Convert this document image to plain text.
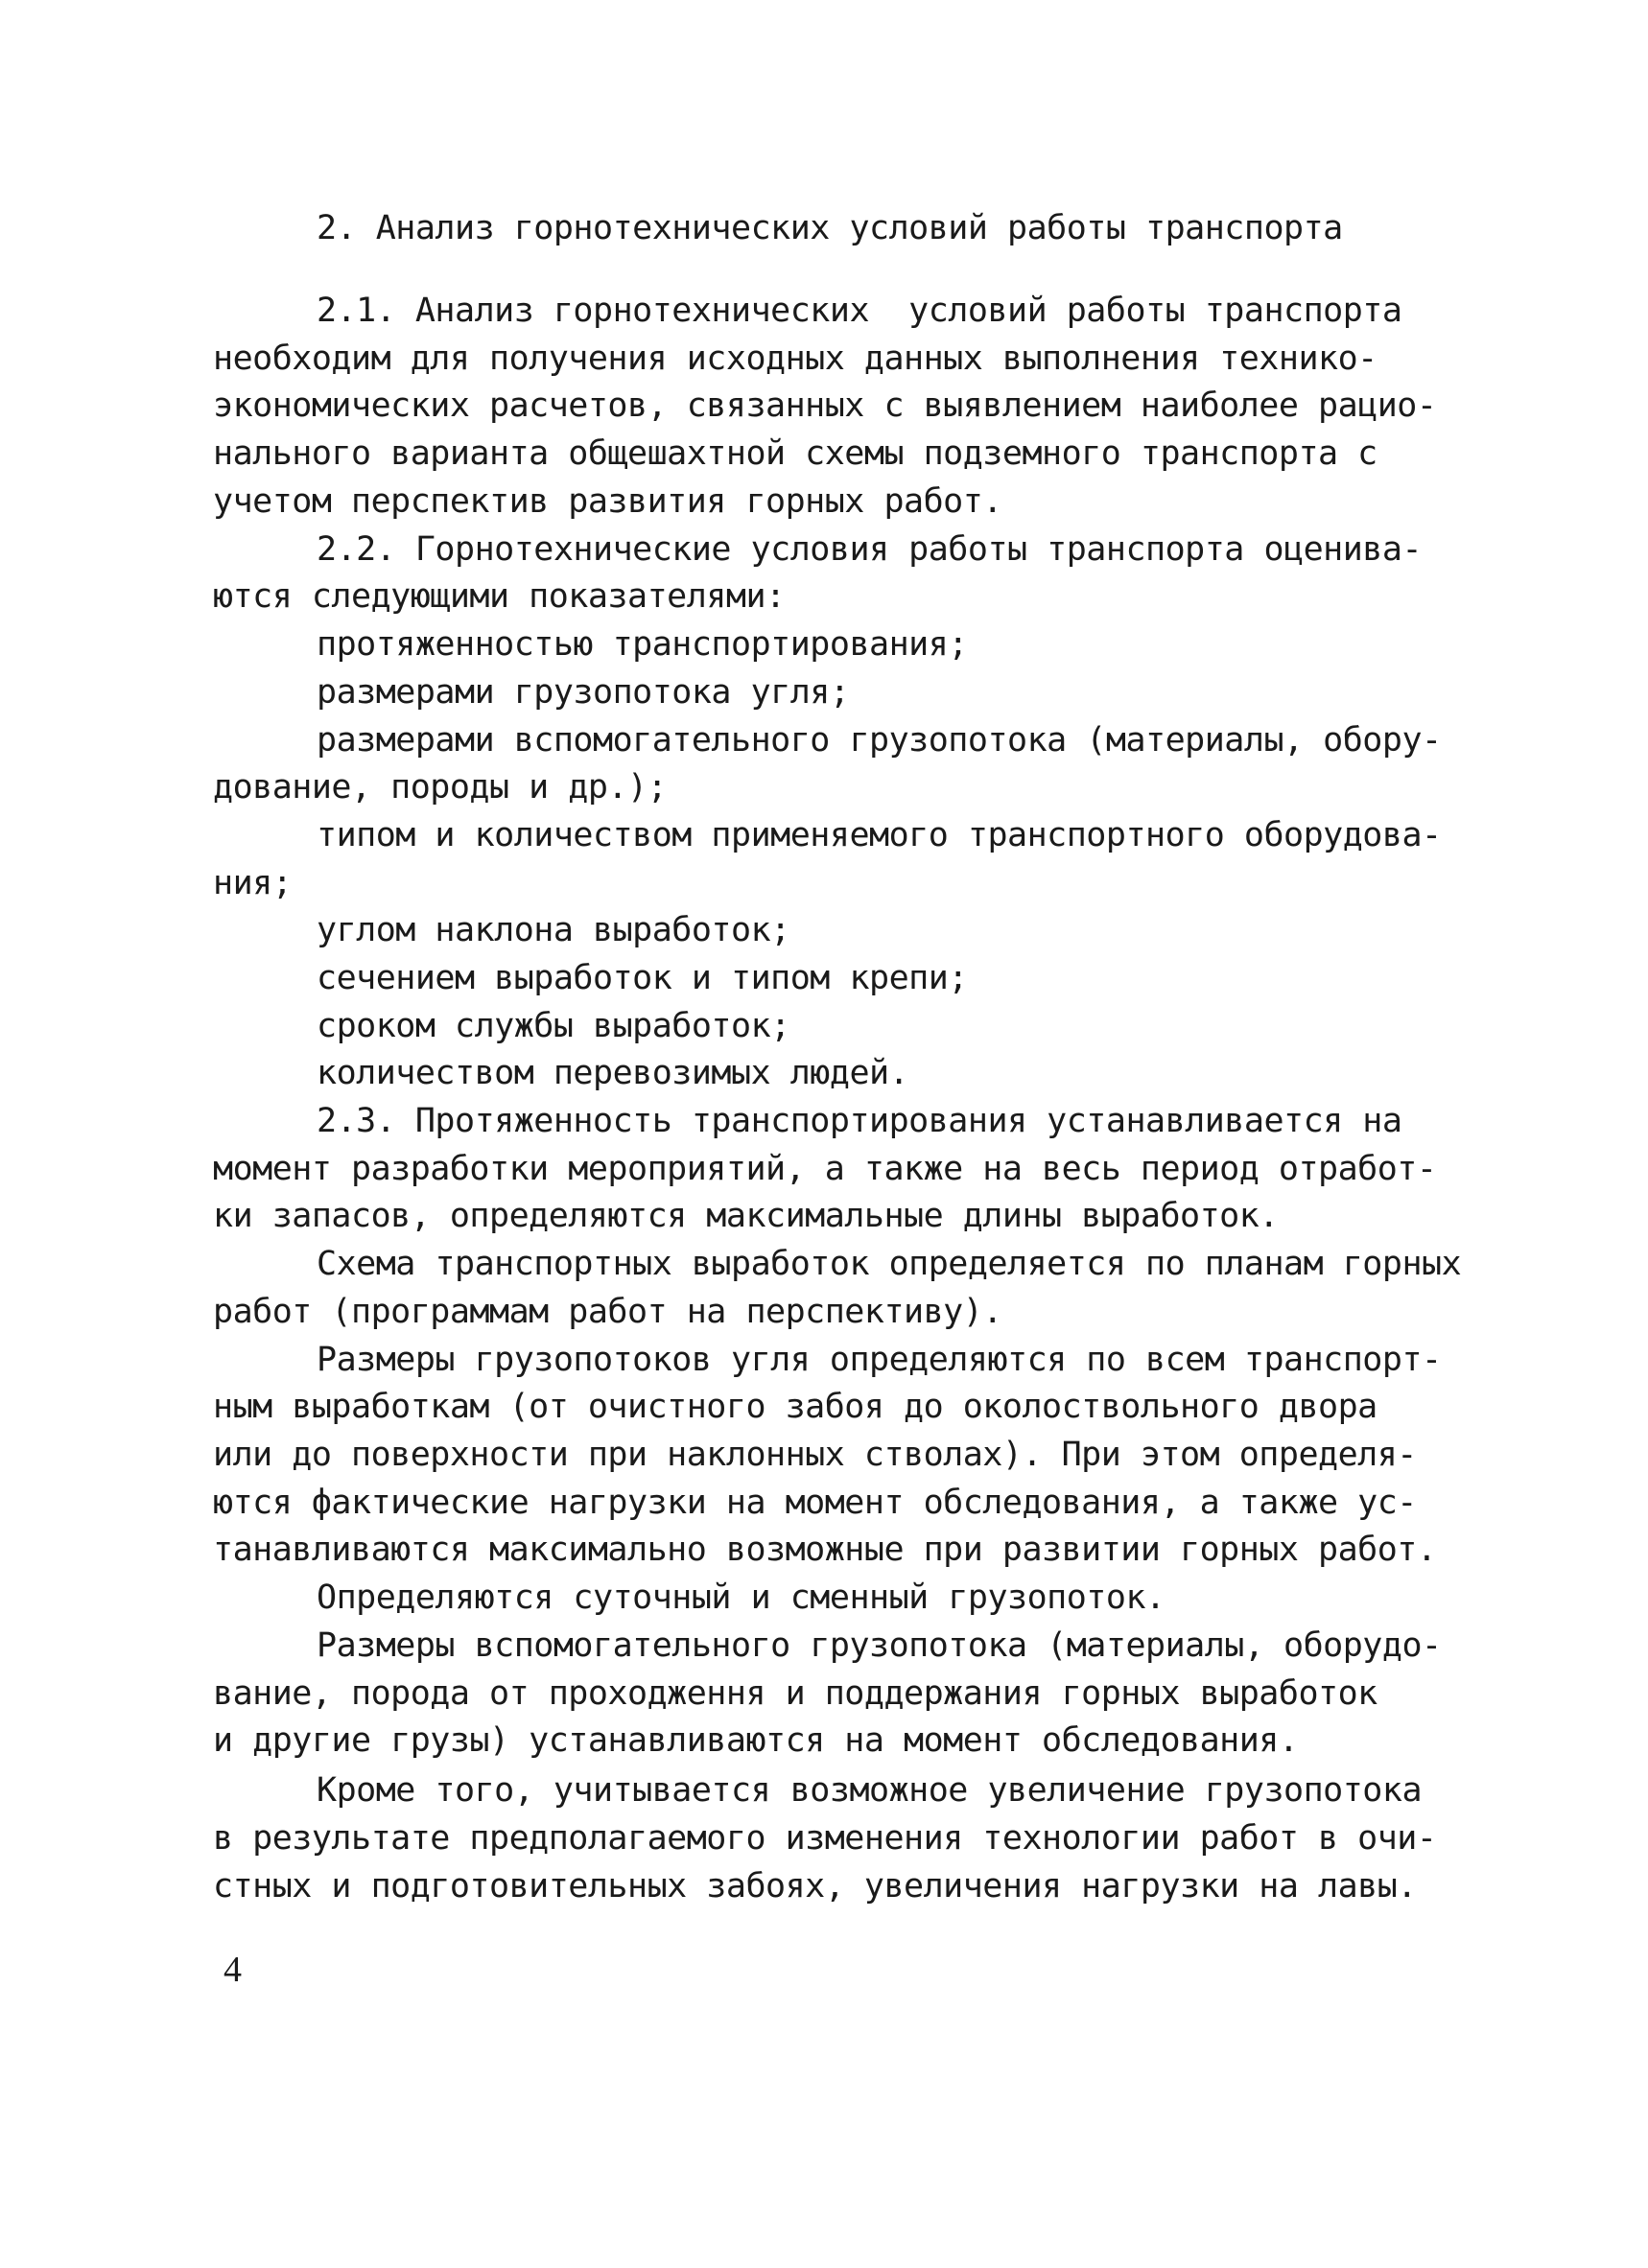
2. Анализ горнотехнических условий работы транспорта
2.1. Анализ горнотехнических  условий работы транспорта
необходим для получения исходных данных выполнения технико-
экономических расчетов, связанных с выявлением наиболее рацио-
нального варианта общешахтной схемы подземного транспорта с
учетом перспектив развития горных работ.
2.2. Горнотехнические условия работы транспорта оценива-
ются следующими показателями:
протяженностью транспортирования;
размерами грузопотока угля;
размерами вспомогательного грузопотока (материалы, обору-
дование, породы и др.);
типом и количеством применяемого транспортного оборудова-
ния;
углом наклона выработок;
сечением выработок и типом крепи;
сроком службы выработок;
количеством перевозимых людей.
2.3. Протяженность транспортирования устанавливается на
момент разработки мероприятий, а также на весь период отработ-
ки запасов, определяются максимальные длины выработок.
Схема транспортных выработок определяется по планам горных
работ (программам работ на перспективу).
Размеры грузопотоков угля определяются по всем транспорт-
ным выработкам (от очистного забоя до околоствольного двора
или до поверхности при наклонных стволах). При этом определя-
ются фактические нагрузки на момент обследования, а также ус-
танавливаются максимально возможные при развитии горных работ.
Определяются суточный и сменный грузопоток.
Размеры вспомогательного грузопотока (материалы, оборудо-
вание, порода от проходження и поддержания горных выработок
и другие грузы) устанавливаются на момент обследования.
Кроме того, учитывается возможное увеличение грузопотока
в результате предполагаемого изменения технологии работ в очи-
стных и подготовительных забоях, увеличения нагрузки на лавы.
4
